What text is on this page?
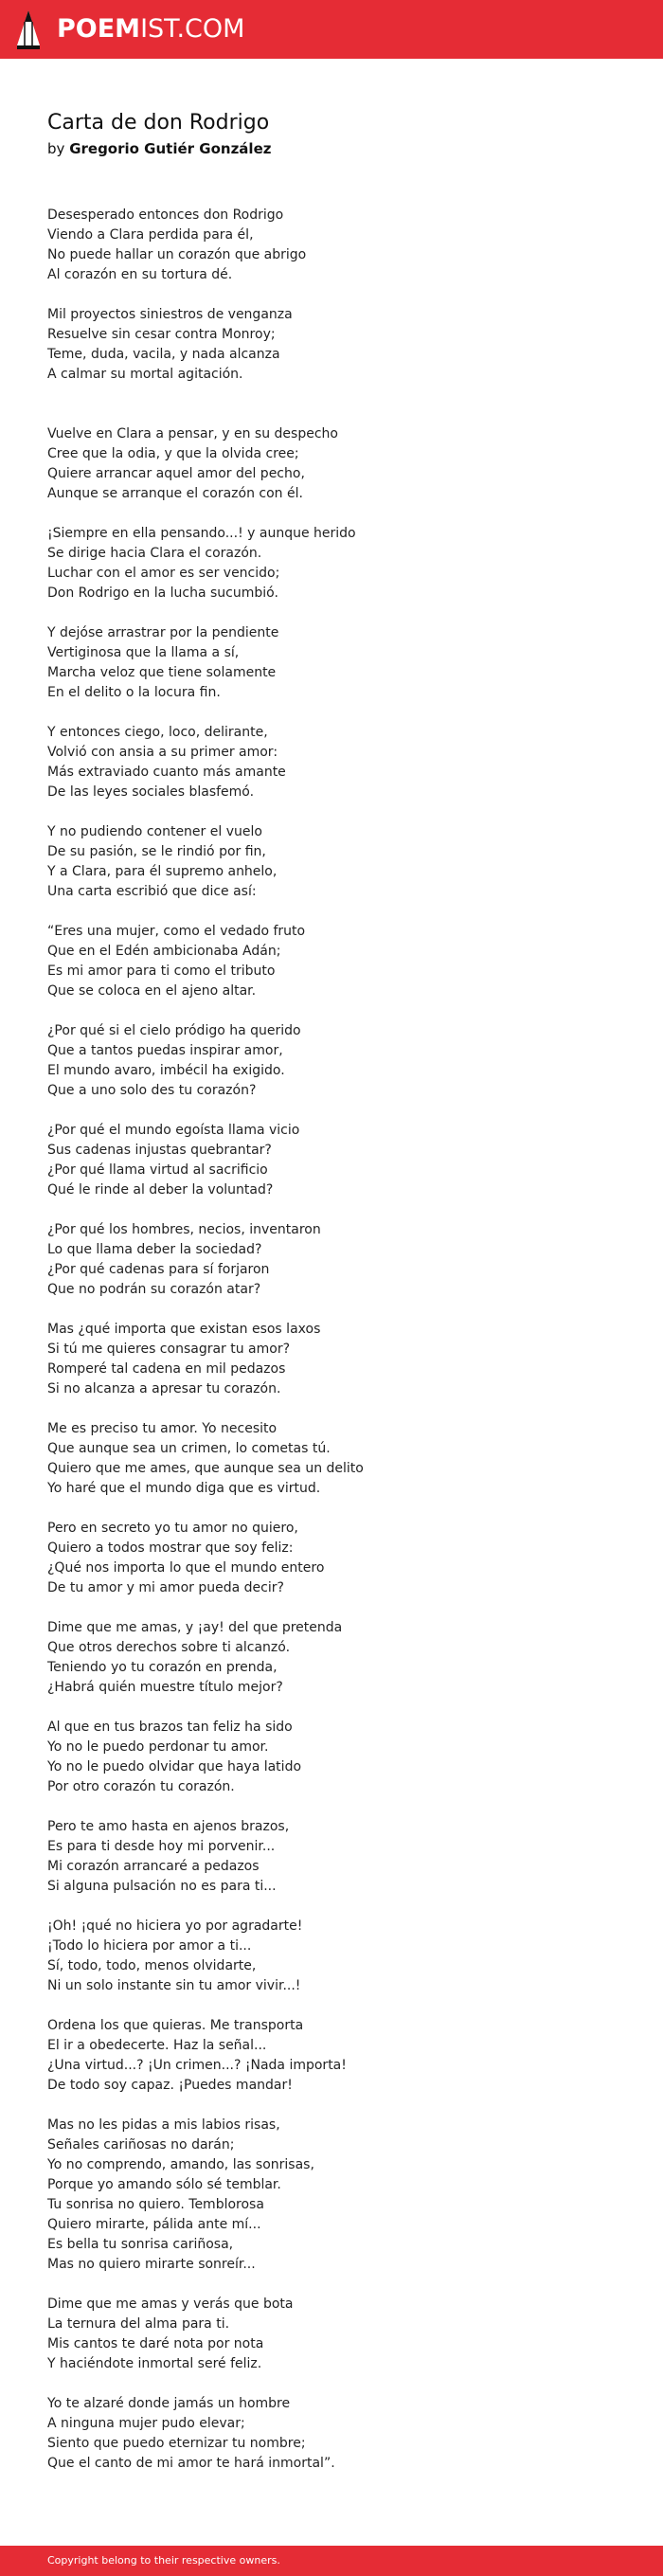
POEMIST.COM
Carta de don Rodrigo
by Gregorio Gutiér González
Desesperado entonces don Rodrigo
Viendo a Clara perdida para él,
No puede hallar un corazón que abrigo
Al corazón en su tortura dé.
Mil proyectos siniestros de venganza
Resuelve sin cesar contra Monroy;
Teme, duda, vacila, y nada alcanza
A calmar su mortal agitación.
Vuelve en Clara a pensar, y en su despecho
Cree que la odia, y que la olvida cree;
Quiere arrancar aquel amor del pecho,
Aunque se arranque el corazón con él.
¡Siempre en ella pensando...! y aunque herido
Se dirige hacia Clara el corazón.
Luchar con el amor es ser vencido;
Don Rodrigo en la lucha sucumbió.
Y dejóse arrastrar por la pendiente
Vertiginosa que la llama a sí,
Marcha veloz que tiene solamente
En el delito o la locura fin.
Y entonces ciego, loco, delirante,
Volvió con ansia a su primer amor:
Más extraviado cuanto más amante
De las leyes sociales blasfemó.
Y no pudiendo contener el vuelo
De su pasión, se le rindió por fin,
Y a Clara, para él supremo anhelo,
Una carta escribió que dice así:
“Eres una mujer, como el vedado fruto
Que en el Edén ambicionaba Adán;
Es mi amor para ti como el tributo
Que se coloca en el ajeno altar.
¿Por qué si el cielo pródigo ha querido
Que a tantos puedas inspirar amor,
El mundo avaro, imbécil ha exigido.
Que a uno solo des tu corazón?
¿Por qué el mundo egoísta llama vicio
Sus cadenas injustas quebrantar?
¿Por qué llama virtud al sacrificio
Qué le rinde al deber la voluntad?
¿Por qué los hombres, necios, inventaron
Lo que llama deber la sociedad?
¿Por qué cadenas para sí forjaron
Que no podrán su corazón atar?
Mas ¿qué importa que existan esos laxos
Si tú me quieres consagrar tu amor?
Romperé tal cadena en mil pedazos
Si no alcanza a apresar tu corazón.
Me es preciso tu amor. Yo necesito
Que aunque sea un crimen, lo cometas tú.
Quiero que me ames, que aunque sea un delito
Yo haré que el mundo diga que es virtud.
Pero en secreto yo tu amor no quiero,
Quiero a todos mostrar que soy feliz:
¿Qué nos importa lo que el mundo entero
De tu amor y mi amor pueda decir?
Dime que me amas, y ¡ay! del que pretenda
Que otros derechos sobre ti alcanzó.
Teniendo yo tu corazón en prenda,
¿Habrá quién muestre título mejor?
Al que en tus brazos tan feliz ha sido
Yo no le puedo perdonar tu amor.
Yo no le puedo olvidar que haya latido
Por otro corazón tu corazón.
Pero te amo hasta en ajenos brazos,
Es para ti desde hoy mi porvenir...
Mi corazón arrancaré a pedazos
Si alguna pulsación no es para ti...
¡Oh! ¡qué no hiciera yo por agradarte!
¡Todo lo hiciera por amor a ti...
Sí, todo, todo, menos olvidarte,
Ni un solo instante sin tu amor vivir...!
Ordena los que quieras. Me transporta
El ir a obedecerte. Haz la señal...
¿Una virtud...? ¡Un crimen...? ¡Nada importa!
De todo soy capaz. ¡Puedes mandar!
Mas no les pidas a mis labios risas,
Señales cariñosas no darán;
Yo no comprendo, amando, las sonrisas,
Porque yo amando sólo sé temblar.
Tu sonrisa no quiero. Temblorosa
Quiero mirarte, pálida ante mí...
Es bella tu sonrisa cariñosa,
Mas no quiero mirarte sonreír...
Dime que me amas y verás que bota
La ternura del alma para ti.
Mis cantos te daré nota por nota
Y haciéndote inmortal seré feliz.
Yo te alzaré donde jamás un hombre
A ninguna mujer pudo elevar;
Siento que puedo eternizar tu nombre;
Que el canto de mi amor te hará inmortal”.
Copyright belong to their respective owners.
